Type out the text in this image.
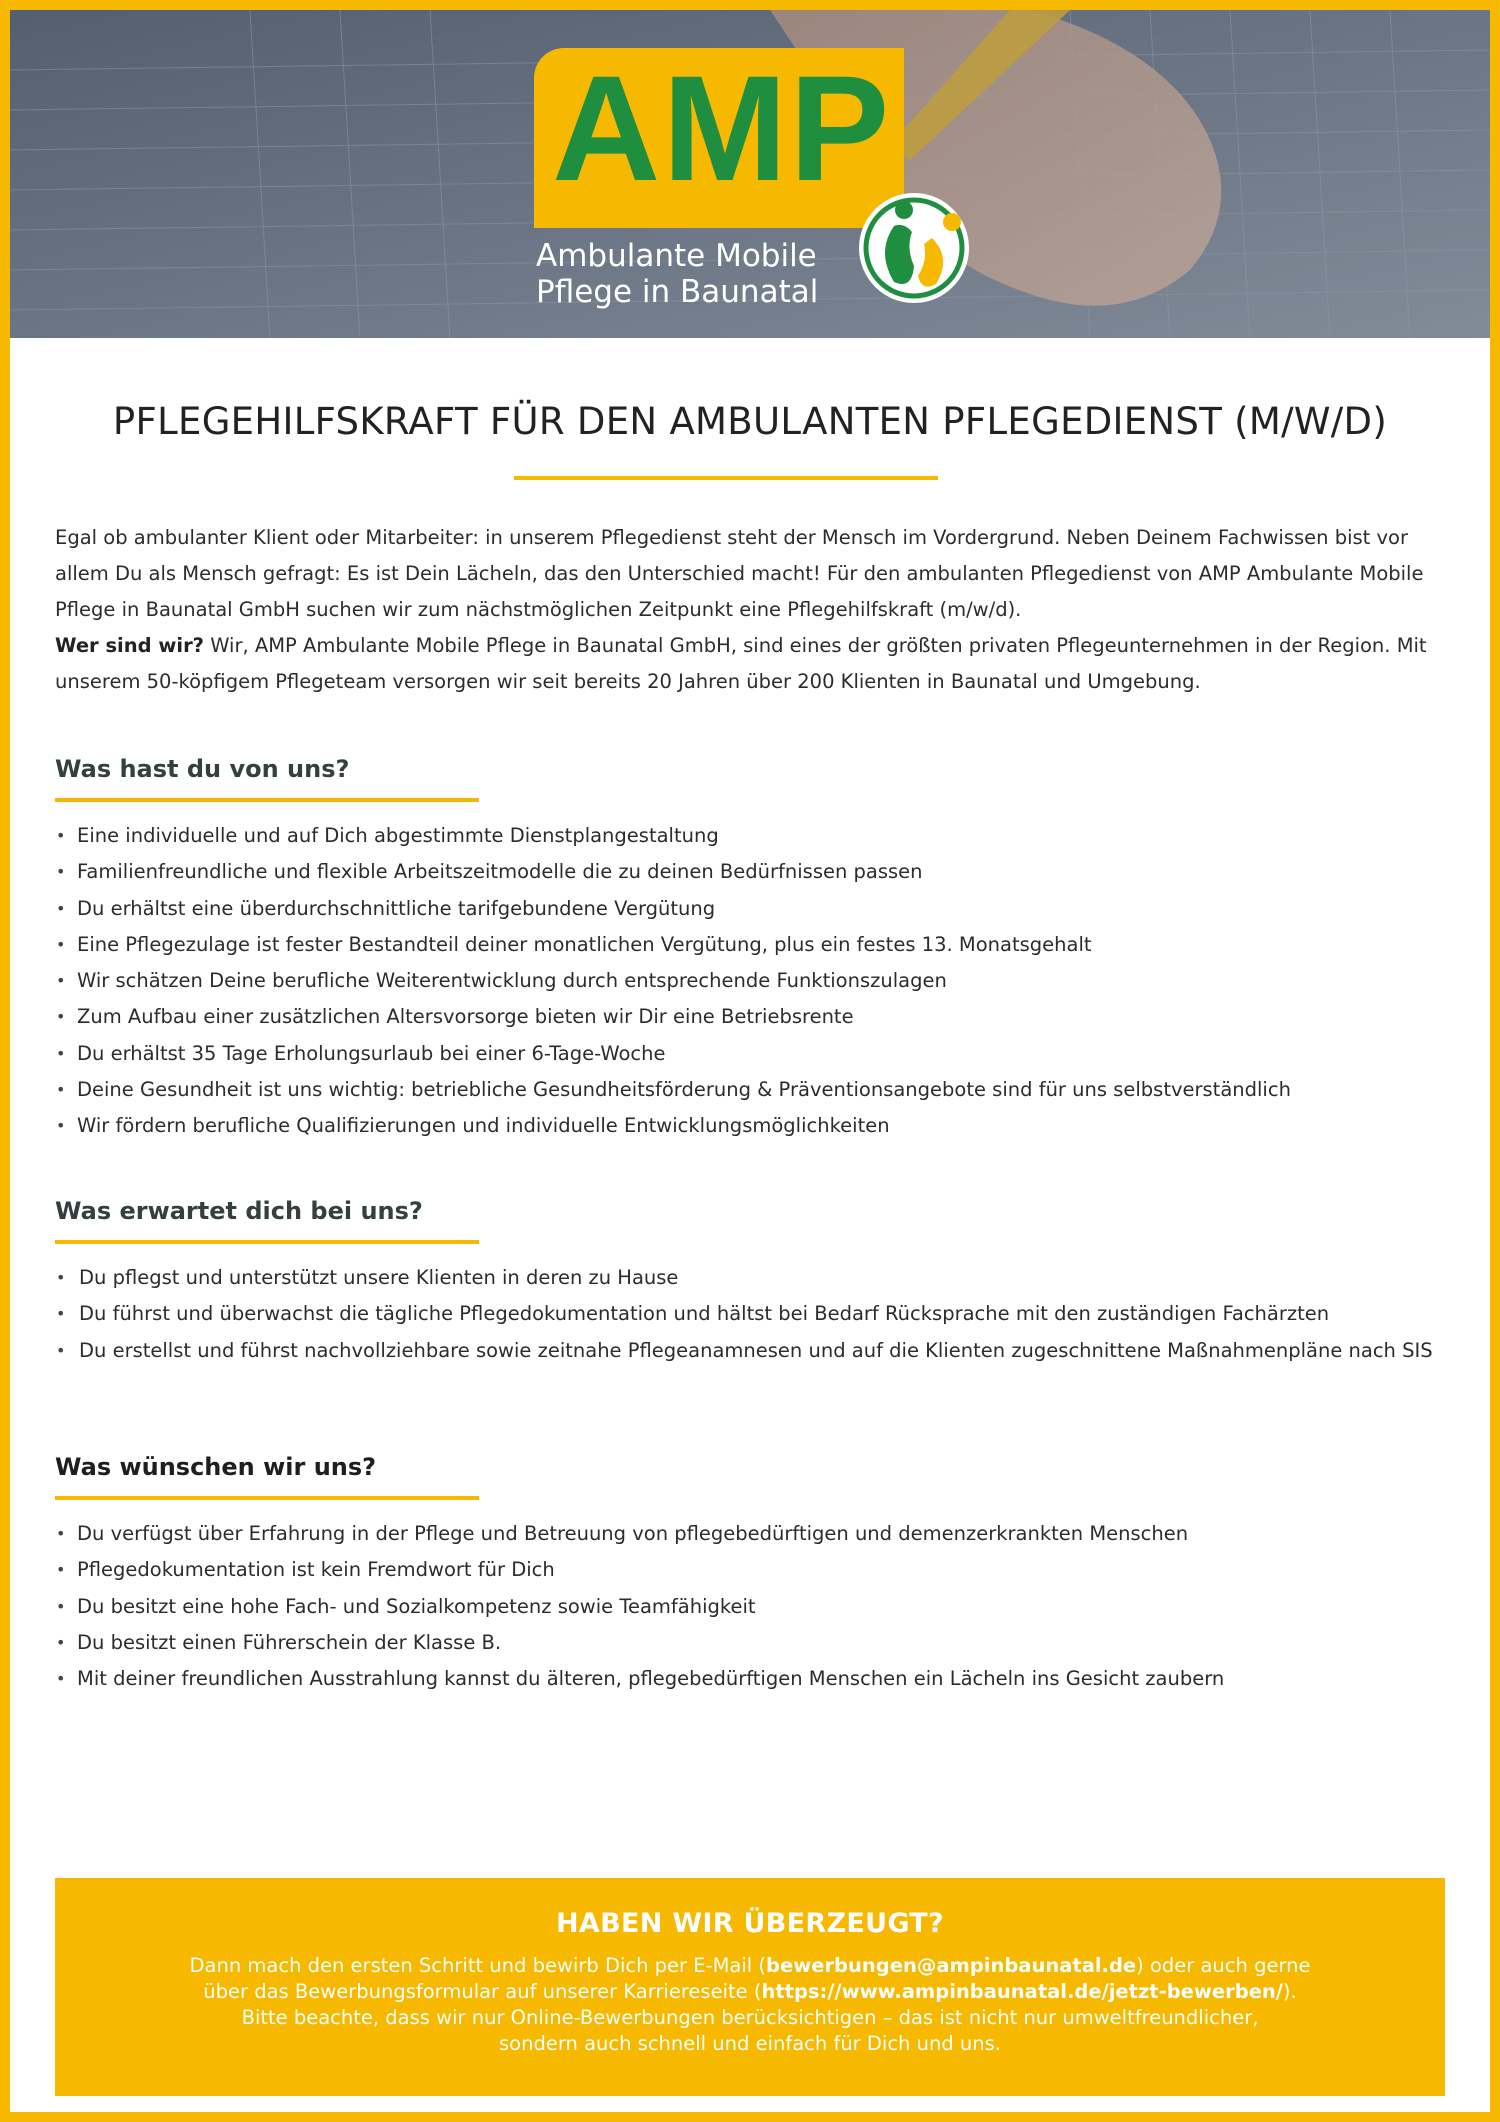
AMP
Ambulante Mobile
Pflege in Baunatal
PFLEGEHILFSKRAFT FÜR DEN AMBULANTEN PFLEGEDIENST (M/W/D)

Egal ob ambulanter Klient oder Mitarbeiter: in unserem Pflegedienst steht der Mensch im Vordergrund. Neben Deinem Fachwissen bist vor allem Du als Mensch gefragt: Es ist Dein Lächeln, das den Unterschied macht! Für den ambulanten Pflegedienst von AMP Ambulante Mobile Pflege in Baunatal GmbH suchen wir zum nächstmöglichen Zeitpunkt eine Pflegehilfskraft (m/w/d).

Wer sind wir? Wir, AMP Ambulante Mobile Pflege in Baunatal GmbH, sind eines der größten privaten Pflegeunternehmen in der Region. Mit unserem 50-köpfigem Pflegeteam versorgen wir seit bereits 20 Jahren über 200 Klienten in Baunatal und Umgebung.

Was hast du von uns?
• Eine individuelle und auf Dich abgestimmte Dienstplangestaltung
• Familienfreundliche und flexible Arbeitszeitmodelle die zu deinen Bedürfnissen passen
• Du erhältst eine überdurchschnittliche tarifgebundene Vergütung
• Eine Pflegezulage ist fester Bestandteil deiner monatlichen Vergütung, plus ein festes 13. Monatsgehalt
• Wir schätzen Deine berufliche Weiterentwicklung durch entsprechende Funktionszulagen
• Zum Aufbau einer zusätzlichen Altersvorsorge bieten wir Dir eine Betriebsrente
• Du erhältst 35 Tage Erholungsurlaub bei einer 6-Tage-Woche
• Deine Gesundheit ist uns wichtig: betriebliche Gesundheitsförderung & Präventionsangebote sind für uns selbstverständlich
• Wir fördern berufliche Qualifizierungen und individuelle Entwicklungsmöglichkeiten
Was erwartet dich bei uns?
• Du pflegst und unterstützt unsere Klienten in deren zu Hause
• Du führst und überwachst die tägliche Pflegedokumentation und hältst bei Bedarf Rücksprache mit den zuständigen Fachärzten
• Du erstellst und führst nachvollziehbare sowie zeitnahe Pflegeanamnesen und auf die Klienten zugeschnittene Maßnahmenpläne nach SIS
Was wünschen wir uns?
• Du verfügst über Erfahrung in der Pflege und Betreuung von pflegebedürftigen und demenzerkrankten Menschen
• Pflegedokumentation ist kein Fremdwort für Dich
• Du besitzt eine hohe Fach- und Sozialkompetenz sowie Teamfähigkeit
• Du besitzt einen Führerschein der Klasse B.
• Mit deiner freundlichen Ausstrahlung kannst du älteren, pflegebedürftigen Menschen ein Lächeln ins Gesicht zaubern
HABEN WIR ÜBERZEUGT?
Dann mach den ersten Schritt und bewirb Dich per E-Mail (bewerbungen@ampinbaunatal.de) oder auch gerne
über das Bewerbungsformular auf unserer Karriereseite (https://www.ampinbaunatal.de/jetzt-bewerben/).
Bitte beachte, dass wir nur Online-Bewerbungen berücksichtigen – das ist nicht nur umweltfreundlicher,
sondern auch schnell und einfach für Dich und uns.
